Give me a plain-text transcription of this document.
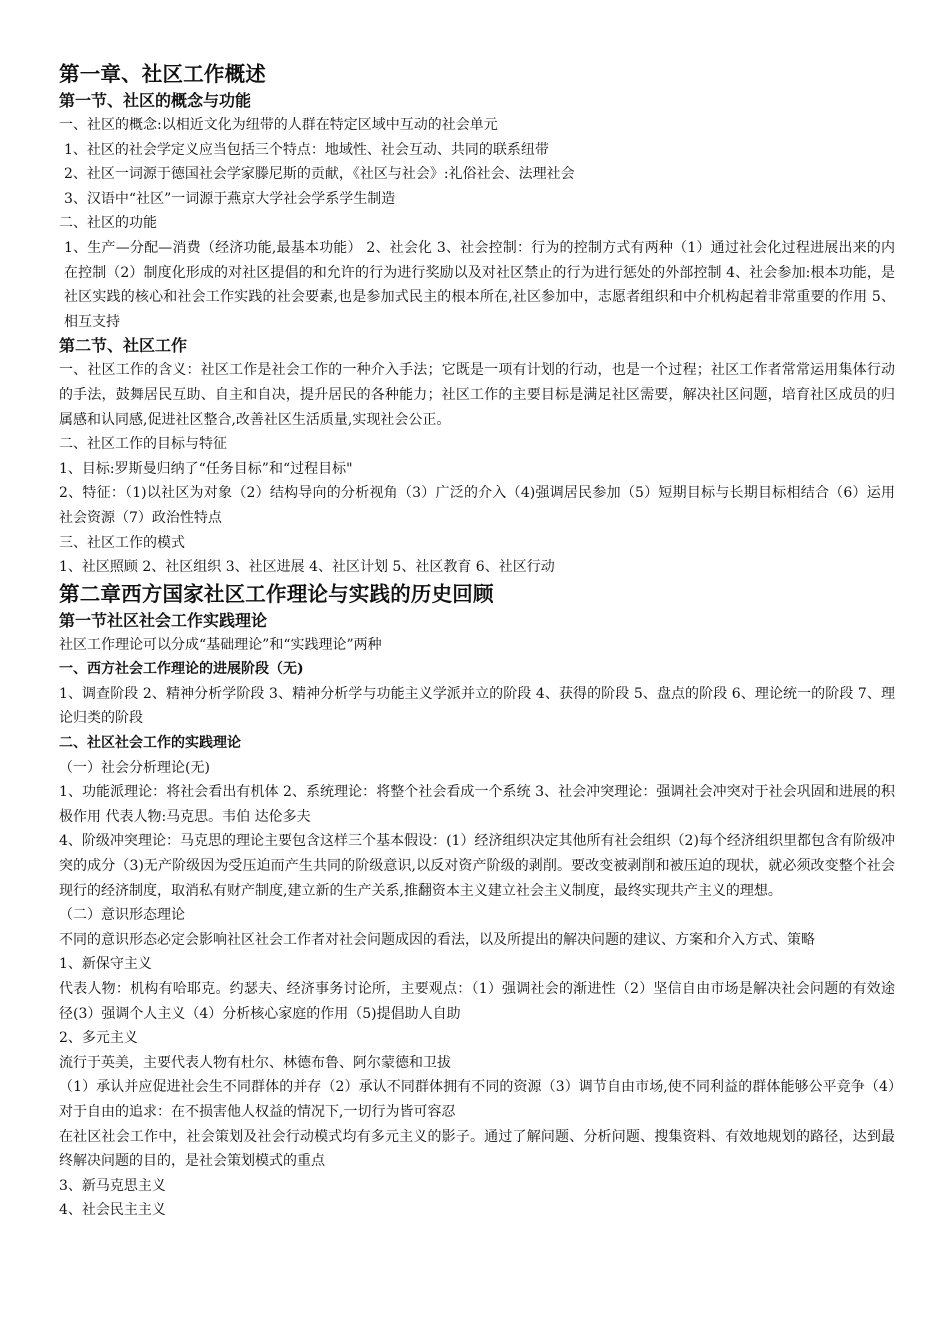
第一章、社区工作概述
第一节、社区的概念与功能

一、社区的概念:以相近文化为纽带的人群在特定区域中互动的社会单元

1、社区的社会学定义应当包括三个特点：地域性、社会互动、共同的联系纽带

2、社区一词源于德国社会学家滕尼斯的贡献，《社区与社会》:礼俗社会、法理社会

3、汉语中“社区”一词源于燕京大学社会学系学生制造

二、社区的功能

1、生产—分配—消费（经济功能,最基本功能） 2、社会化 3、社会控制：行为的控制方式有两种（1）通过社会化过程进展出来的内在控制（2）制度化形成的对社区提倡的和允许的行为进行奖励以及对社区禁止的行为进行惩处的外部控制 4、社会参加:根本功能，是社区实践的核心和社会工作实践的社会要素,也是参加式民主的根本所在,社区参加中，志愿者组织和中介机构起着非常重要的作用 5、相互支持

第二节、社区工作

一、社区工作的含义：社区工作是社会工作的一种介入手法；它既是一项有计划的行动，也是一个过程；社区工作者常常运用集体行动的手法，鼓舞居民互助、自主和自决，提升居民的各种能力；社区工作的主要目标是满足社区需要，解决社区问题，培育社区成员的归属感和认同感,促进社区整合,改善社区生活质量,实现社会公正。

二、社区工作的目标与特征

1、目标:罗斯曼归纳了“任务目标”和“过程目标"

2、特征：（1)以社区为对象（2）结构导向的分析视角（3）广泛的介入（4)强调居民参加（5）短期目标与长期目标相结合（6）运用社会资源（7）政治性特点

三、社区工作的模式

1、社区照顾 2、社区组织 3、社区进展 4、社区计划 5、社区教育 6、社区行动

第二章西方国家社区工作理论与实践的历史回顾
第一节社区社会工作实践理论

社区工作理论可以分成“基础理论”和“实践理论”两种

一、西方社会工作理论的进展阶段（无)

1、调查阶段 2、精神分析学阶段 3、精神分析学与功能主义学派并立的阶段 4、获得的阶段 5、盘点的阶段 6、理论统一的阶段 7、理论归类的阶段

二、社区社会工作的实践理论

（一）社会分析理论(无)

1、功能派理论：将社会看出有机体 2、系统理论：将整个社会看成一个系统 3、社会冲突理论：强调社会冲突对于社会巩固和进展的积极作用 代表人物:马克思。韦伯 达伦多夫

4、阶级冲突理论：马克思的理论主要包含这样三个基本假设：(1）经济组织决定其他所有社会组织（2)每个经济组织里都包含有阶级冲突的成分（3)无产阶级因为受压迫而产生共同的阶级意识,以反对资产阶级的剥削。要改变被剥削和被压迫的现状，就必须改变整个社会现行的经济制度，取消私有财产制度,建立新的生产关系,推翻资本主义建立社会主义制度，最终实现共产主义的理想。

（二）意识形态理论

不同的意识形态必定会影响社区社会工作者对社会问题成因的看法，以及所提出的解决问题的建议、方案和介入方式、策略

1、新保守主义

代表人物：机构有哈耶克。约瑟夫、经济事务讨论所，主要观点：（1）强调社会的渐进性（2）坚信自由市场是解决社会问题的有效途径(3）强调个人主义（4）分析核心家庭的作用（5)提倡助人自助

2、多元主义

流行于英美，主要代表人物有杜尔、林德布鲁、阿尔蒙德和卫拔

（1）承认并应促进社会生不同群体的并存（2）承认不同群体拥有不同的资源（3）调节自由市场,使不同利益的群体能够公平竞争（4）对于自由的追求：在不损害他人权益的情况下,一切行为皆可容忍

在社区社会工作中，社会策划及社会行动模式均有多元主义的影子。通过了解问题、分析问题、搜集资料、有效地规划的路径，达到最终解决问题的目的，是社会策划模式的重点

3、新马克思主义

4、社会民主主义
